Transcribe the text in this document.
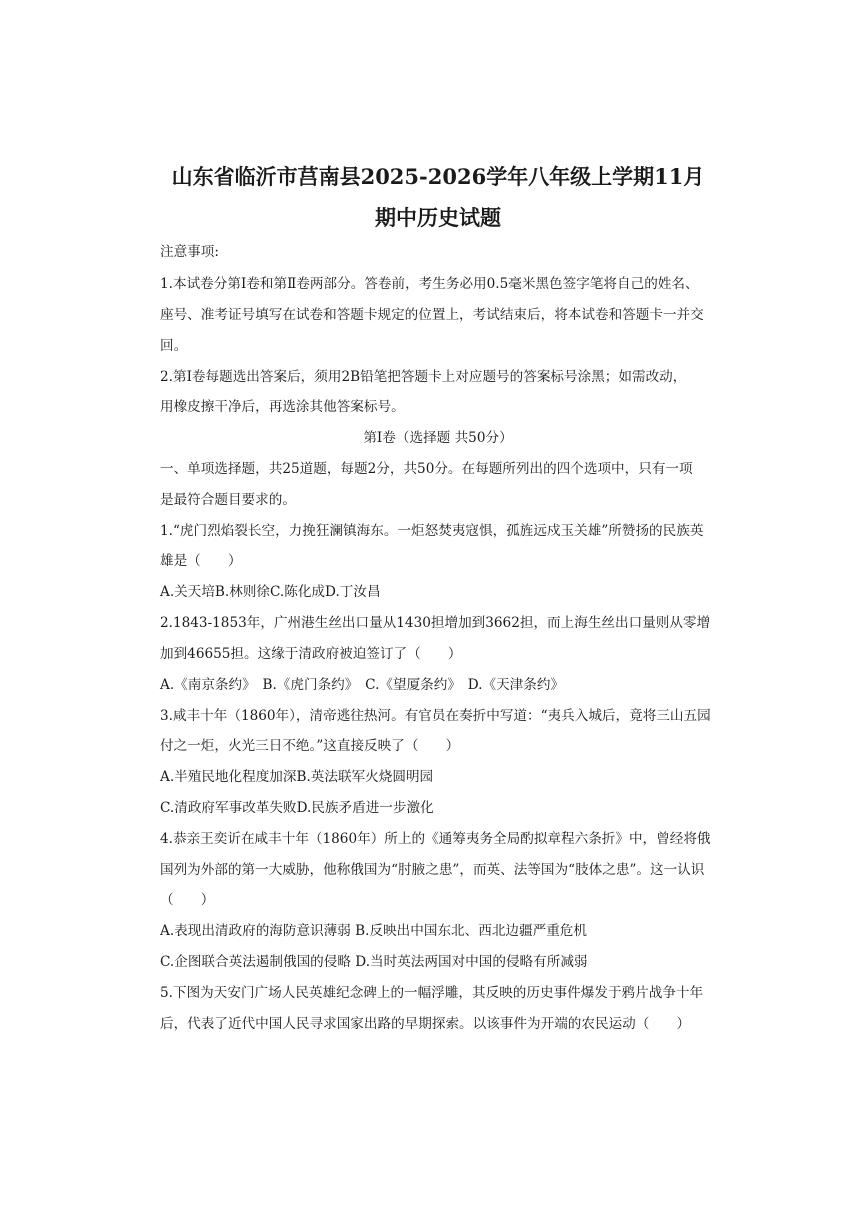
山东省临沂市莒南县2025-2026学年八年级上学期11月
期中历史试题
注意事项:
1.本试卷分第Ⅰ卷和第Ⅱ卷两部分。答卷前，考生务必用0.5毫米黑色签字笔将自己的姓名、
座号、准考证号填写在试卷和答题卡规定的位置上，考试结束后，将本试卷和答题卡一并交
回。
2.第Ⅰ卷每题选出答案后，须用2B铅笔把答题卡上对应题号的答案标号涂黑；如需改动，
用橡皮擦干净后，再选涂其他答案标号。
第Ⅰ卷（选择题 共50分）
一、单项选择题，共25道题，每题2分，共50分。在每题所列出的四个选项中，只有一项
是最符合题目要求的。
1.“虎门烈焰裂长空，力挽狂澜镇海东。一炬怒焚夷寇惧，孤旌远戍玉关雄”所赞扬的民族英
雄是（　　）
A.关天培B.林则徐C.陈化成D.丁汝昌
2.1843-1853年，广州港生丝出口量从1430担增加到3662担，而上海生丝出口量则从零增
加到46655担。这缘于清政府被迫签订了（　　）
A.《南京条约》　B.《虎门条约》　C.《望厦条约》　D.《天津条约》
3.咸丰十年（1860年），清帝逃往热河。有官员在奏折中写道：“夷兵入城后，竟将三山五园
付之一炬，火光三日不绝。”这直接反映了（　　）
A.半殖民地化程度加深B.英法联军火烧圆明园
C.清政府军事改革失败D.民族矛盾进一步激化
4.恭亲王奕䜣在咸丰十年（1860年）所上的《通筹夷务全局酌拟章程六条折》中，曾经将俄
国列为外部的第一大威胁，他称俄国为“肘腋之患”，而英、法等国为“肢体之患”。这一认识
（　　）
A.表现出清政府的海防意识薄弱 B.反映出中国东北、西北边疆严重危机
C.企图联合英法遏制俄国的侵略 D.当时英法两国对中国的侵略有所减弱
5.下图为天安门广场人民英雄纪念碑上的一幅浮雕，其反映的历史事件爆发于鸦片战争十年
后，代表了近代中国人民寻求国家出路的早期探索。以该事件为开端的农民运动（　　）
